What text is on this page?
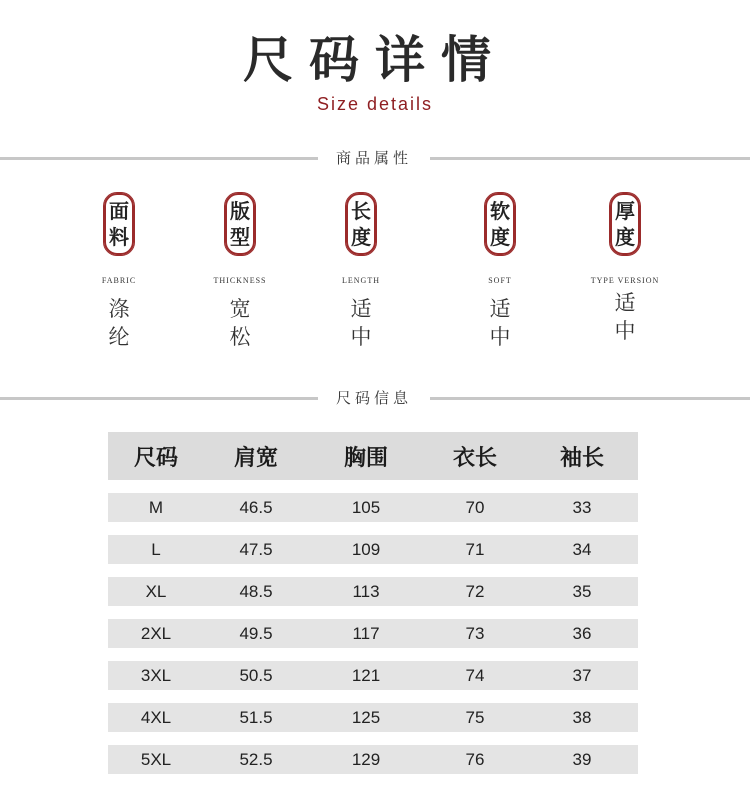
尺码详情
Size details
商品属性
面
料
FABRIC
涤
纶
版
型
THICKNESS
宽
松
长
度
LENGTH
适
中
软
度
SOFT
适
中
厚
度
TYPE VERSION
适
中
尺码信息
尺码	肩宽	胸围	衣长	袖长
M	46.5	105	70	33
L	47.5	109	71	34
XL	48.5	113	72	35
2XL	49.5	117	73	36
3XL	50.5	121	74	37
4XL	51.5	125	75	38
5XL	52.5	129	76	39
